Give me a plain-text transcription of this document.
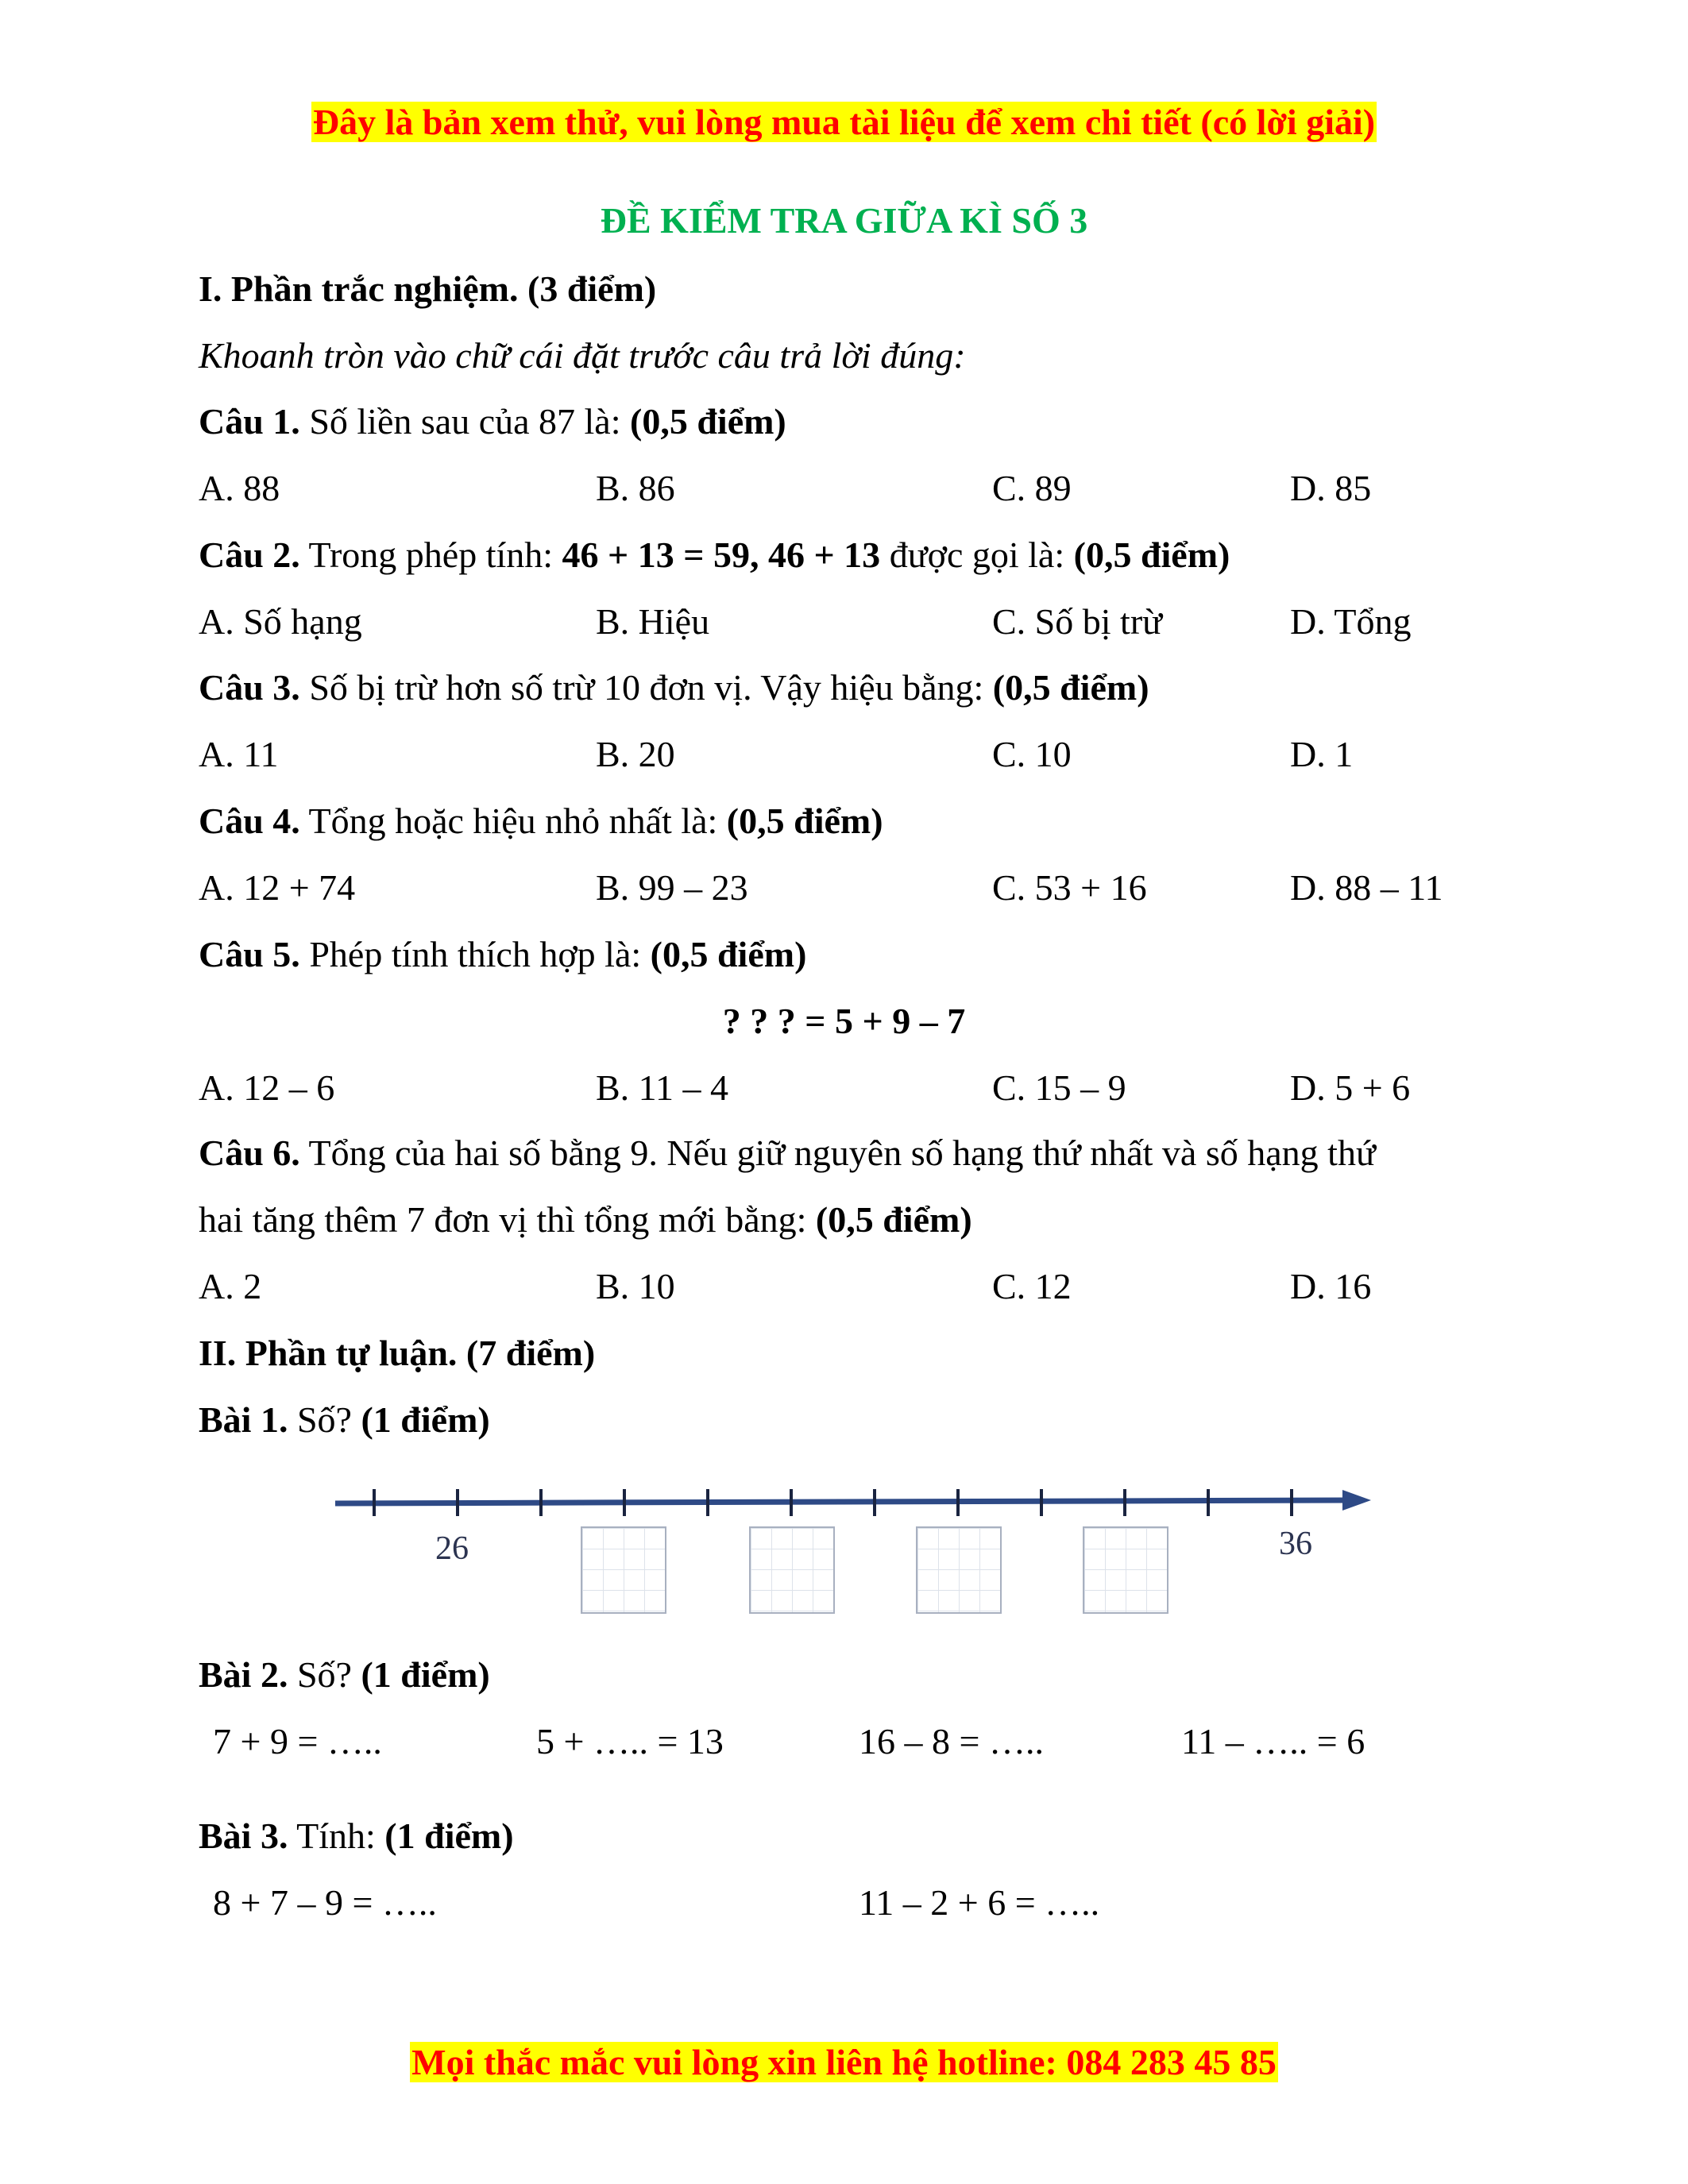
Đây là bản xem thử, vui lòng mua tài liệu để xem chi tiết (có lời giải)
ĐỀ KIỂM TRA GIỮA KÌ SỐ 3
I. Phần trắc nghiệm. (3 điểm)
Khoanh tròn vào chữ cái đặt trước câu trả lời đúng:
Câu 1. Số liền sau của 87 là: (0,5 điểm)
A. 88	B. 86	C. 89	D. 85
Câu 2. Trong phép tính: 46 + 13 = 59, 46 + 13 được gọi là: (0,5 điểm)
A. Số hạng	B. Hiệu	C. Số bị trừ	D. Tổng
Câu 3. Số bị trừ hơn số trừ 10 đơn vị. Vậy hiệu bằng: (0,5 điểm)
A. 11	B. 20	C. 10	D. 1
Câu 4. Tổng hoặc hiệu nhỏ nhất là: (0,5 điểm)
A. 12 + 74	B. 99 – 23	C. 53 + 16	D. 88 – 11
Câu 5. Phép tính thích hợp là: (0,5 điểm)
? ? ? = 5 + 9 – 7
A. 12 – 6	B. 11 – 4	C. 15 – 9	D. 5 + 6
Câu 6. Tổng của hai số bằng 9. Nếu giữ nguyên số hạng thứ nhất và số hạng thứ
hai tăng thêm 7 đơn vị thì tổng mới bằng: (0,5 điểm)
A. 2	B. 10	C. 12	D. 16
II. Phần tự luận. (7 điểm)
Bài 1. Số? (1 điểm)
26	36
Bài 2. Số? (1 điểm)
7 + 9 = …..	5 + ….. = 13	16 – 8 = …..	11 – ….. = 6
Bài 3. Tính: (1 điểm)
8 + 7 – 9 = …..	11 – 2 + 6 = …..
Mọi thắc mắc vui lòng xin liên hệ hotline: 084 283 45 85
